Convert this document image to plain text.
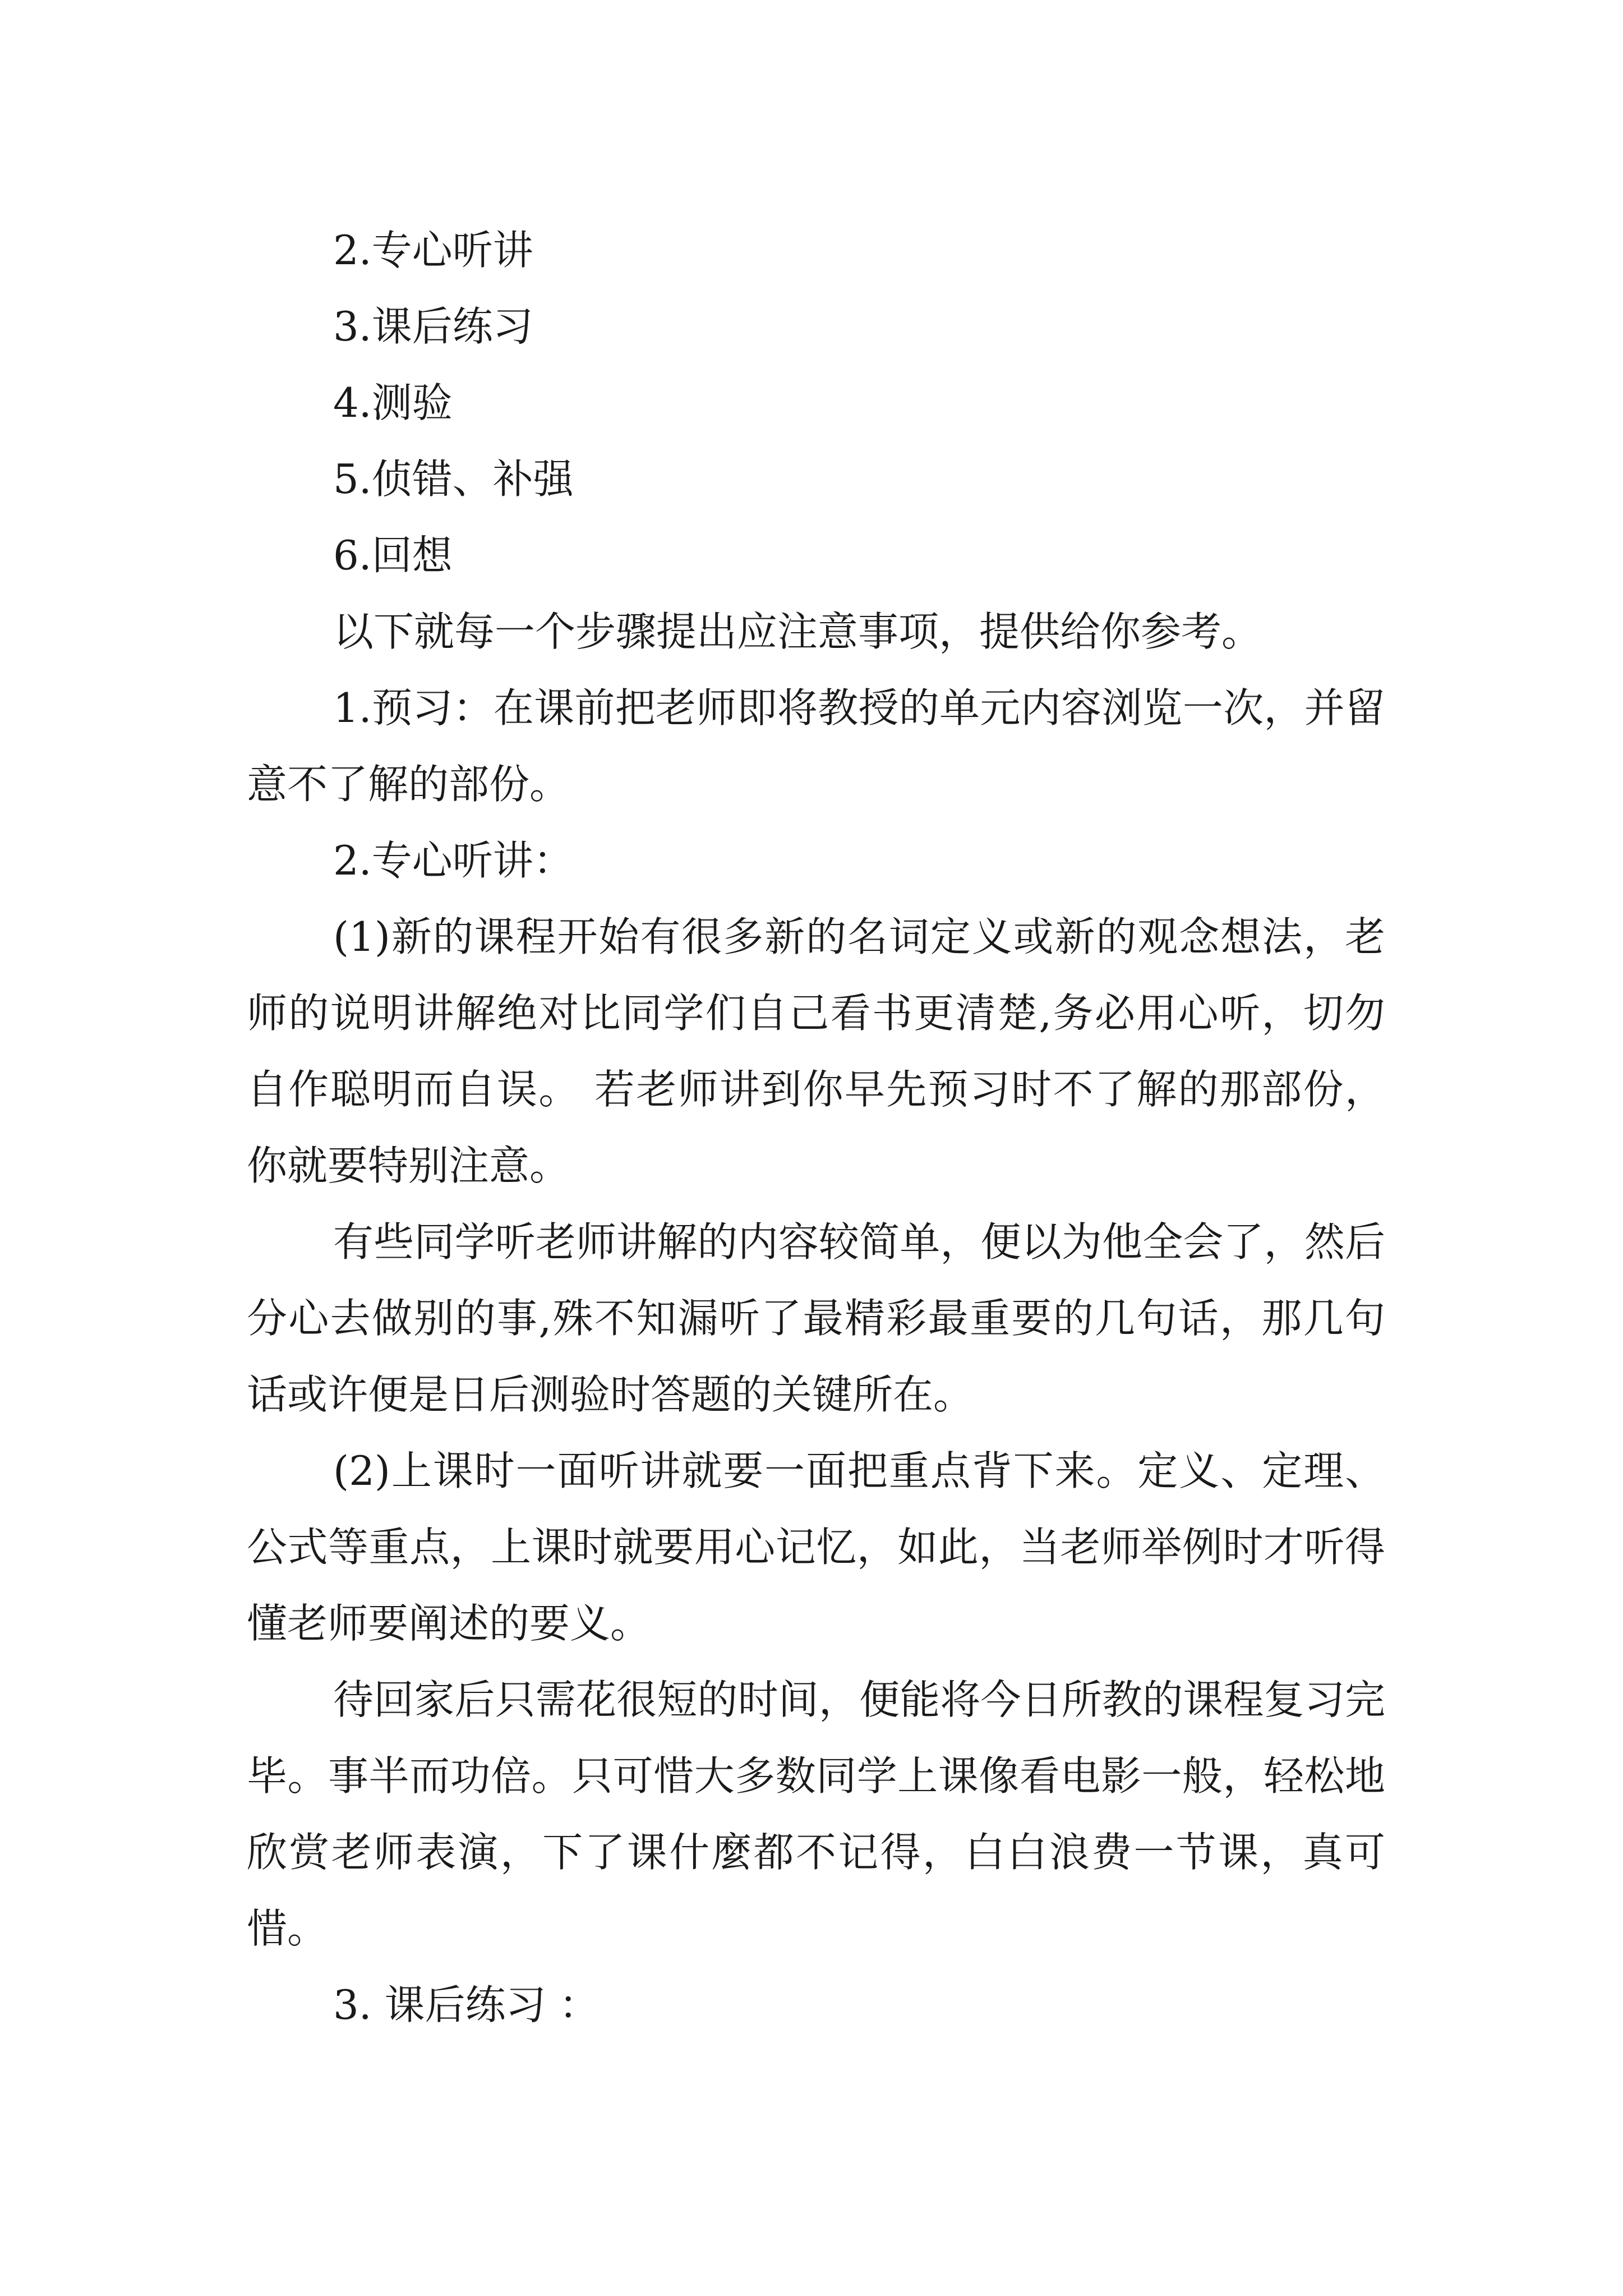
2.专心听讲

3.课后练习

4.测验

5.侦错、补强

6.回想

以下就每一个步骤提出应注意事项，提供给你参考。

1.预习：在课前把老师即将教授的单元内容浏览一次，并留意不了解的部份。

2.专心听讲：

(1)新的课程开始有很多新的名词定义或新的观念想法，老师的说明讲解绝对比同学们自己看书更清楚,务必用心听，切勿自作聪明而自误。 若老师讲到你早先预习时不了解的那部份，你就要特别注意。

有些同学听老师讲解的内容较简单，便以为他全会了，然后分心去做别的事,殊不知漏听了最精彩最重要的几句话，那几句话或许便是日后测验时答题的关键所在。

(2)上课时一面听讲就要一面把重点背下来。定义、定理、公式等重点，上课时就要用心记忆，如此，当老师举例时才听得懂老师要阐述的要义。

待回家后只需花很短的时间，便能将今日所教的课程复习完毕。事半而功倍。只可惜大多数同学上课像看电影一般，轻松地欣赏老师表演，下了课什麼都不记得，白白浪费一节课，真可惜。

3. 课后练习 ：
